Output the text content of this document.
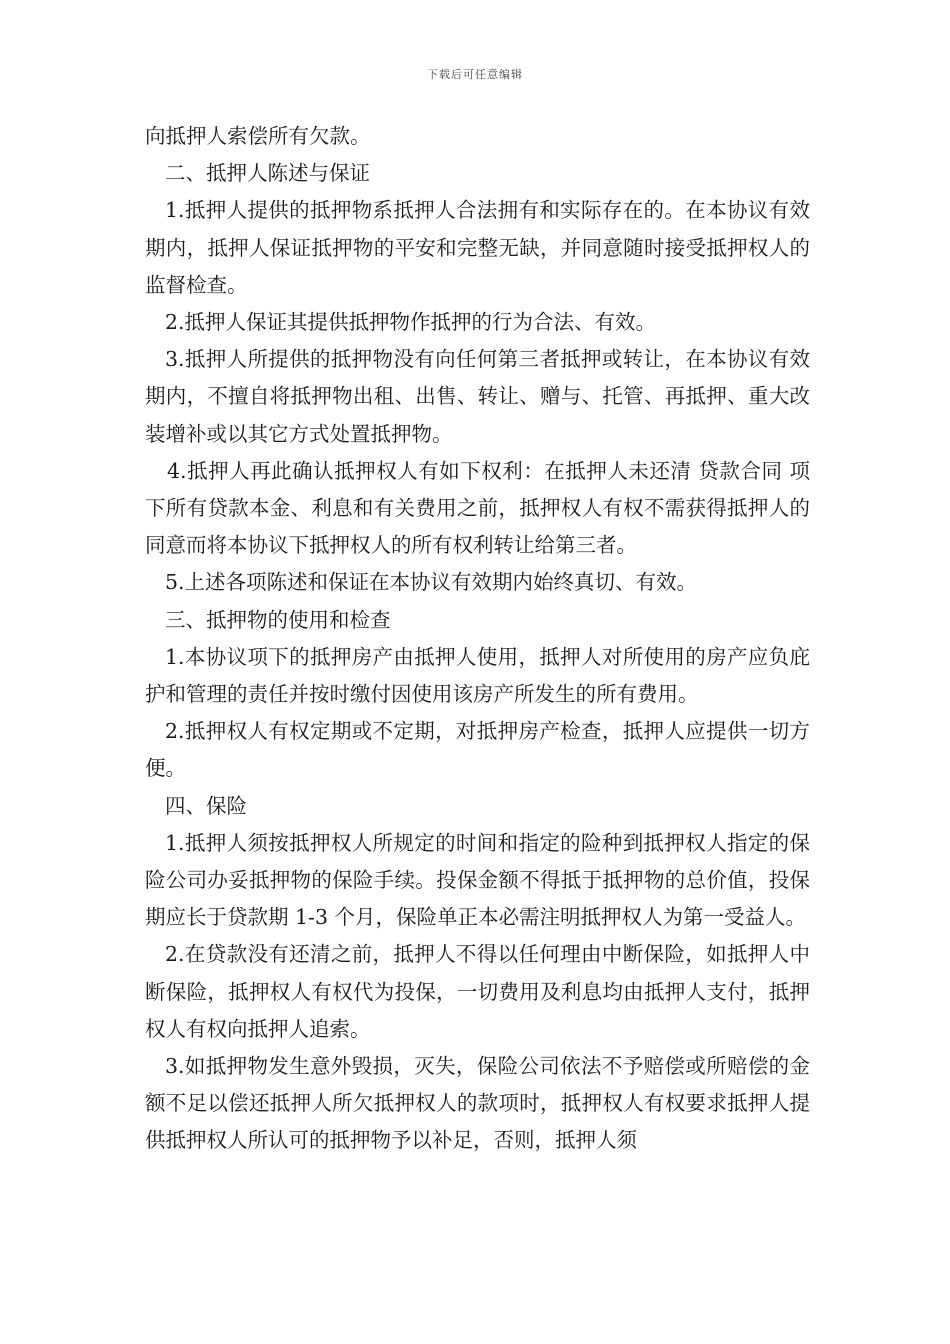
下载后可任意编辑

向抵押人索偿所有欠款。

二、抵押人陈述与保证

1.抵押人提供的抵押物系抵押人合法拥有和实际存在的。在本协议有效期内，抵押人保证抵押物的平安和完整无缺，并同意随时接受抵押权人的监督检查。

2.抵押人保证其提供抵押物作抵押的行为合法、有效。

3.抵押人所提供的抵押物没有向任何第三者抵押或转让，在本协议有效期内，不擅自将抵押物出租、出售、转让、赠与、托管、再抵押、重大改装增补或以其它方式处置抵押物。

4.抵押人再此确认抵押权人有如下权利：在抵押人未还清 贷款合同 项下所有贷款本金、利息和有关费用之前，抵押权人有权不需获得抵押人的同意而将本协议下抵押权人的所有权利转让给第三者。

5.上述各项陈述和保证在本协议有效期内始终真切、有效。

三、抵押物的使用和检查

1.本协议项下的抵押房产由抵押人使用，抵押人对所使用的房产应负庇护和管理的责任并按时缴付因使用该房产所发生的所有费用。

2.抵押权人有权定期或不定期，对抵押房产检查，抵押人应提供一切方便。

四、保险

1.抵押人须按抵押权人所规定的时间和指定的险种到抵押权人指定的保险公司办妥抵押物的保险手续。投保金额不得抵于抵押物的总价值，投保期应长于贷款期 1-3 个月，保险单正本必需注明抵押权人为第一受益人。

2.在贷款没有还清之前，抵押人不得以任何理由中断保险，如抵押人中断保险，抵押权人有权代为投保，一切费用及利息均由抵押人支付，抵押权人有权向抵押人追索。

3.如抵押物发生意外毁损，灭失，保险公司依法不予赔偿或所赔偿的金额不足以偿还抵押人所欠抵押权人的款项时，抵押权人有权要求抵押人提供抵押权人所认可的抵押物予以补足，否则，抵押人须
